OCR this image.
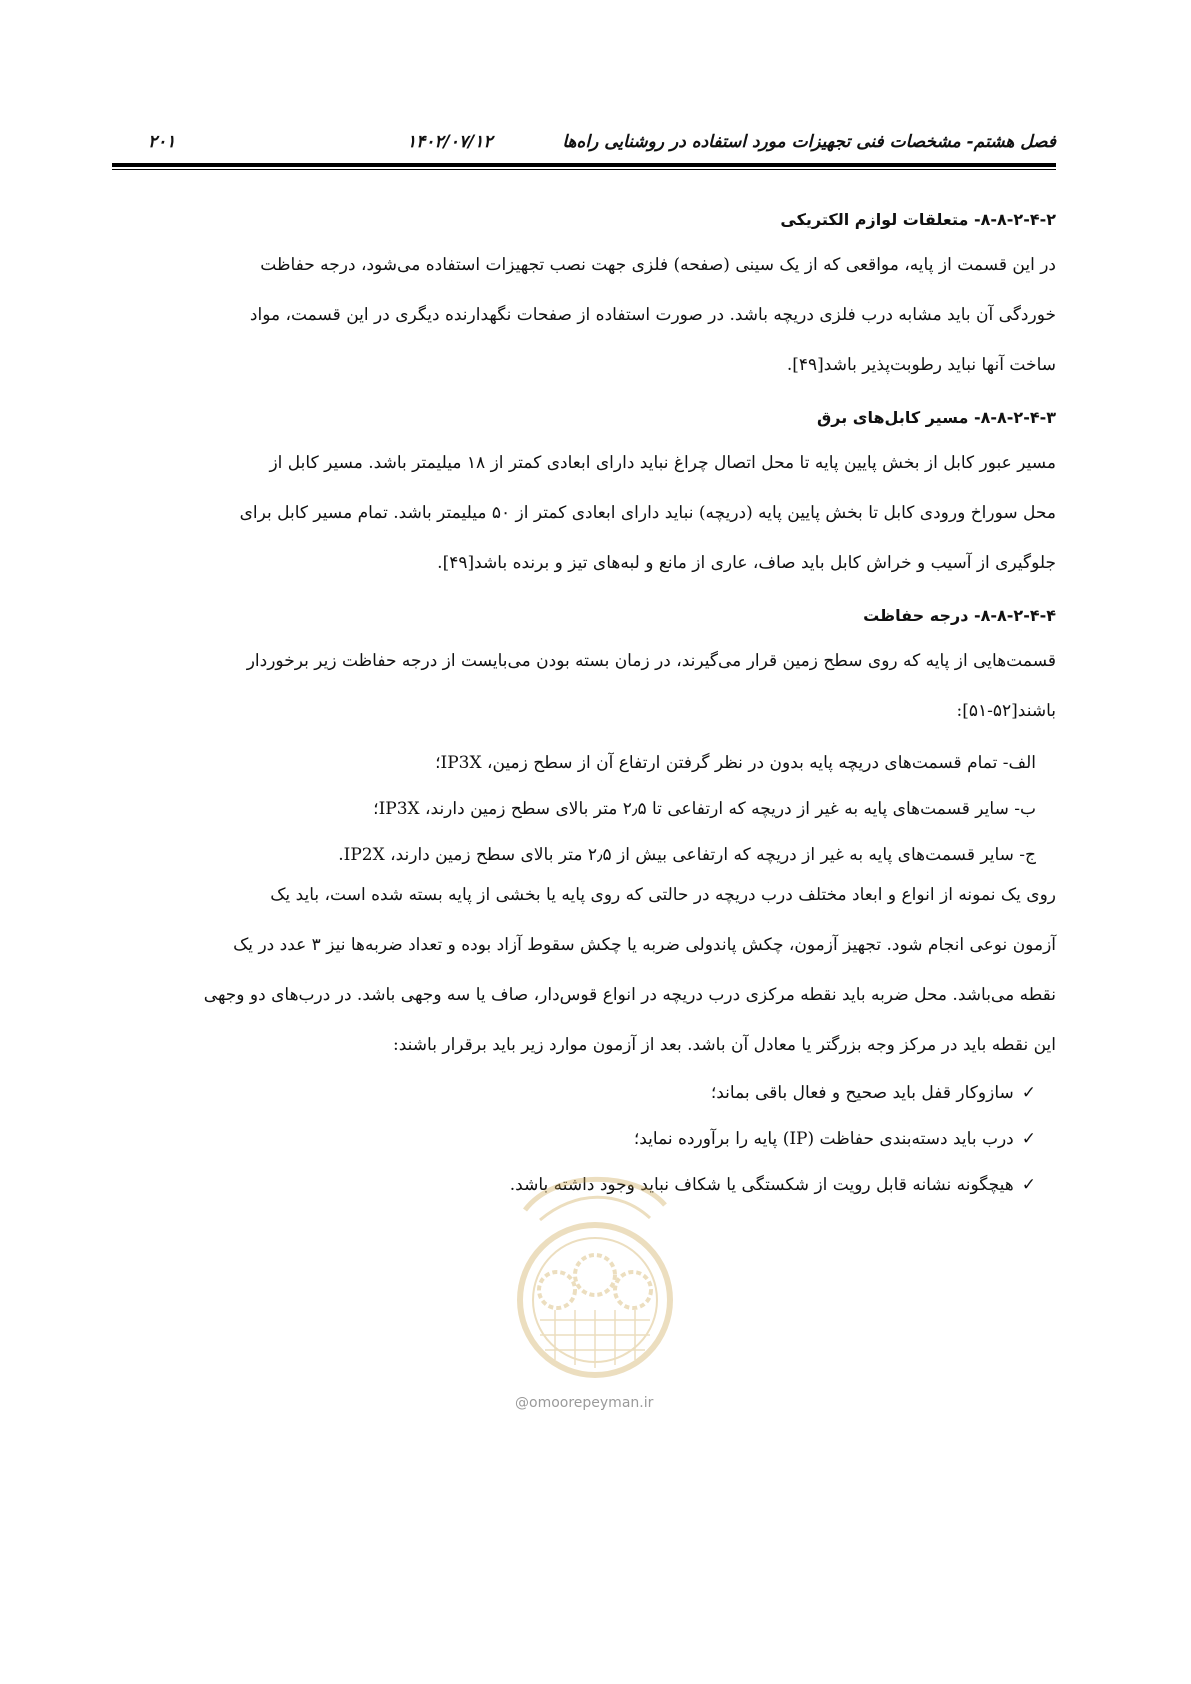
فصل هشتم- مشخصات فنی تجهیزات مورد استفاده در روشنایی راه‌ها
۱۴۰۲/۰۷/۱۲
۲۰۱
۸-۸-۲-۴-۲- متعلقات لوازم الکتریکی
در این قسمت از پایه، مواقعی که از یک سینی (صفحه) فلزی جهت نصب تجهیزات استفاده می‌شود، درجه حفاظت
خوردگی آن باید مشابه درب فلزی دریچه باشد. در صورت استفاده از صفحات نگهدارنده دیگری در این قسمت، مواد
ساخت آنها نباید رطوبت‌پذیر باشد[۴۹].
۸-۸-۲-۴-۳- مسیر کابل‌های برق
مسیر عبور کابل از بخش پایین پایه تا محل اتصال چراغ نباید دارای ابعادی کمتر از ۱۸ میلیمتر باشد. مسیر کابل از
محل سوراخ ورودی کابل تا بخش پایین پایه (دریچه) نباید دارای ابعادی کمتر از ۵۰ میلیمتر باشد. تمام مسیر کابل برای
جلوگیری از آسیب و خراش کابل باید صاف، عاری از مانع و لبه‌های تیز و برنده باشد[۴۹].
۸-۸-۲-۴-۴- درجه حفاظت
قسمت‌هایی از پایه که روی سطح زمین قرار می‌گیرند، در زمان بسته بودن می‌بایست از درجه حفاظت زیر برخوردار
باشند[۵۲-۵۱]:
الف- تمام قسمت‌های دریچه پایه بدون در نظر گرفتن ارتفاع آن از سطح زمین، IP3X؛
ب- سایر قسمت‌های پایه به غیر از دریچه که ارتفاعی تا ۲٫۵ متر بالای سطح زمین دارند، IP3X؛
ج- سایر قسمت‌های پایه به غیر از دریچه که ارتفاعی بیش از ۲٫۵ متر بالای سطح زمین دارند، IP2X.
روی یک نمونه از انواع و ابعاد مختلف درب دریچه در حالتی که روی پایه یا بخشی از پایه بسته شده است، باید یک
آزمون نوعی انجام شود. تجهیز آزمون، چکش پاندولی ضربه یا چکش سقوط آزاد بوده و تعداد ضربه‌ها نیز ۳ عدد در یک
نقطه می‌باشد. محل ضربه باید نقطه مرکزی درب دریچه در انواع قوس‌دار، صاف یا سه وجهی باشد. در درب‌های دو وجهی
این نقطه باید در مرکز وجه بزرگتر یا معادل آن باشد. بعد از آزمون موارد زیر باید برقرار باشند:
✓سازوکار قفل باید صحیح و فعال باقی بماند؛
✓درب باید دسته‌بندی حفاظت (IP) پایه را برآورده نماید؛
✓هیچگونه نشانه قابل رویت از شکستگی یا شکاف نباید وجود داشته باشد.
@omoorepeyman.ir
